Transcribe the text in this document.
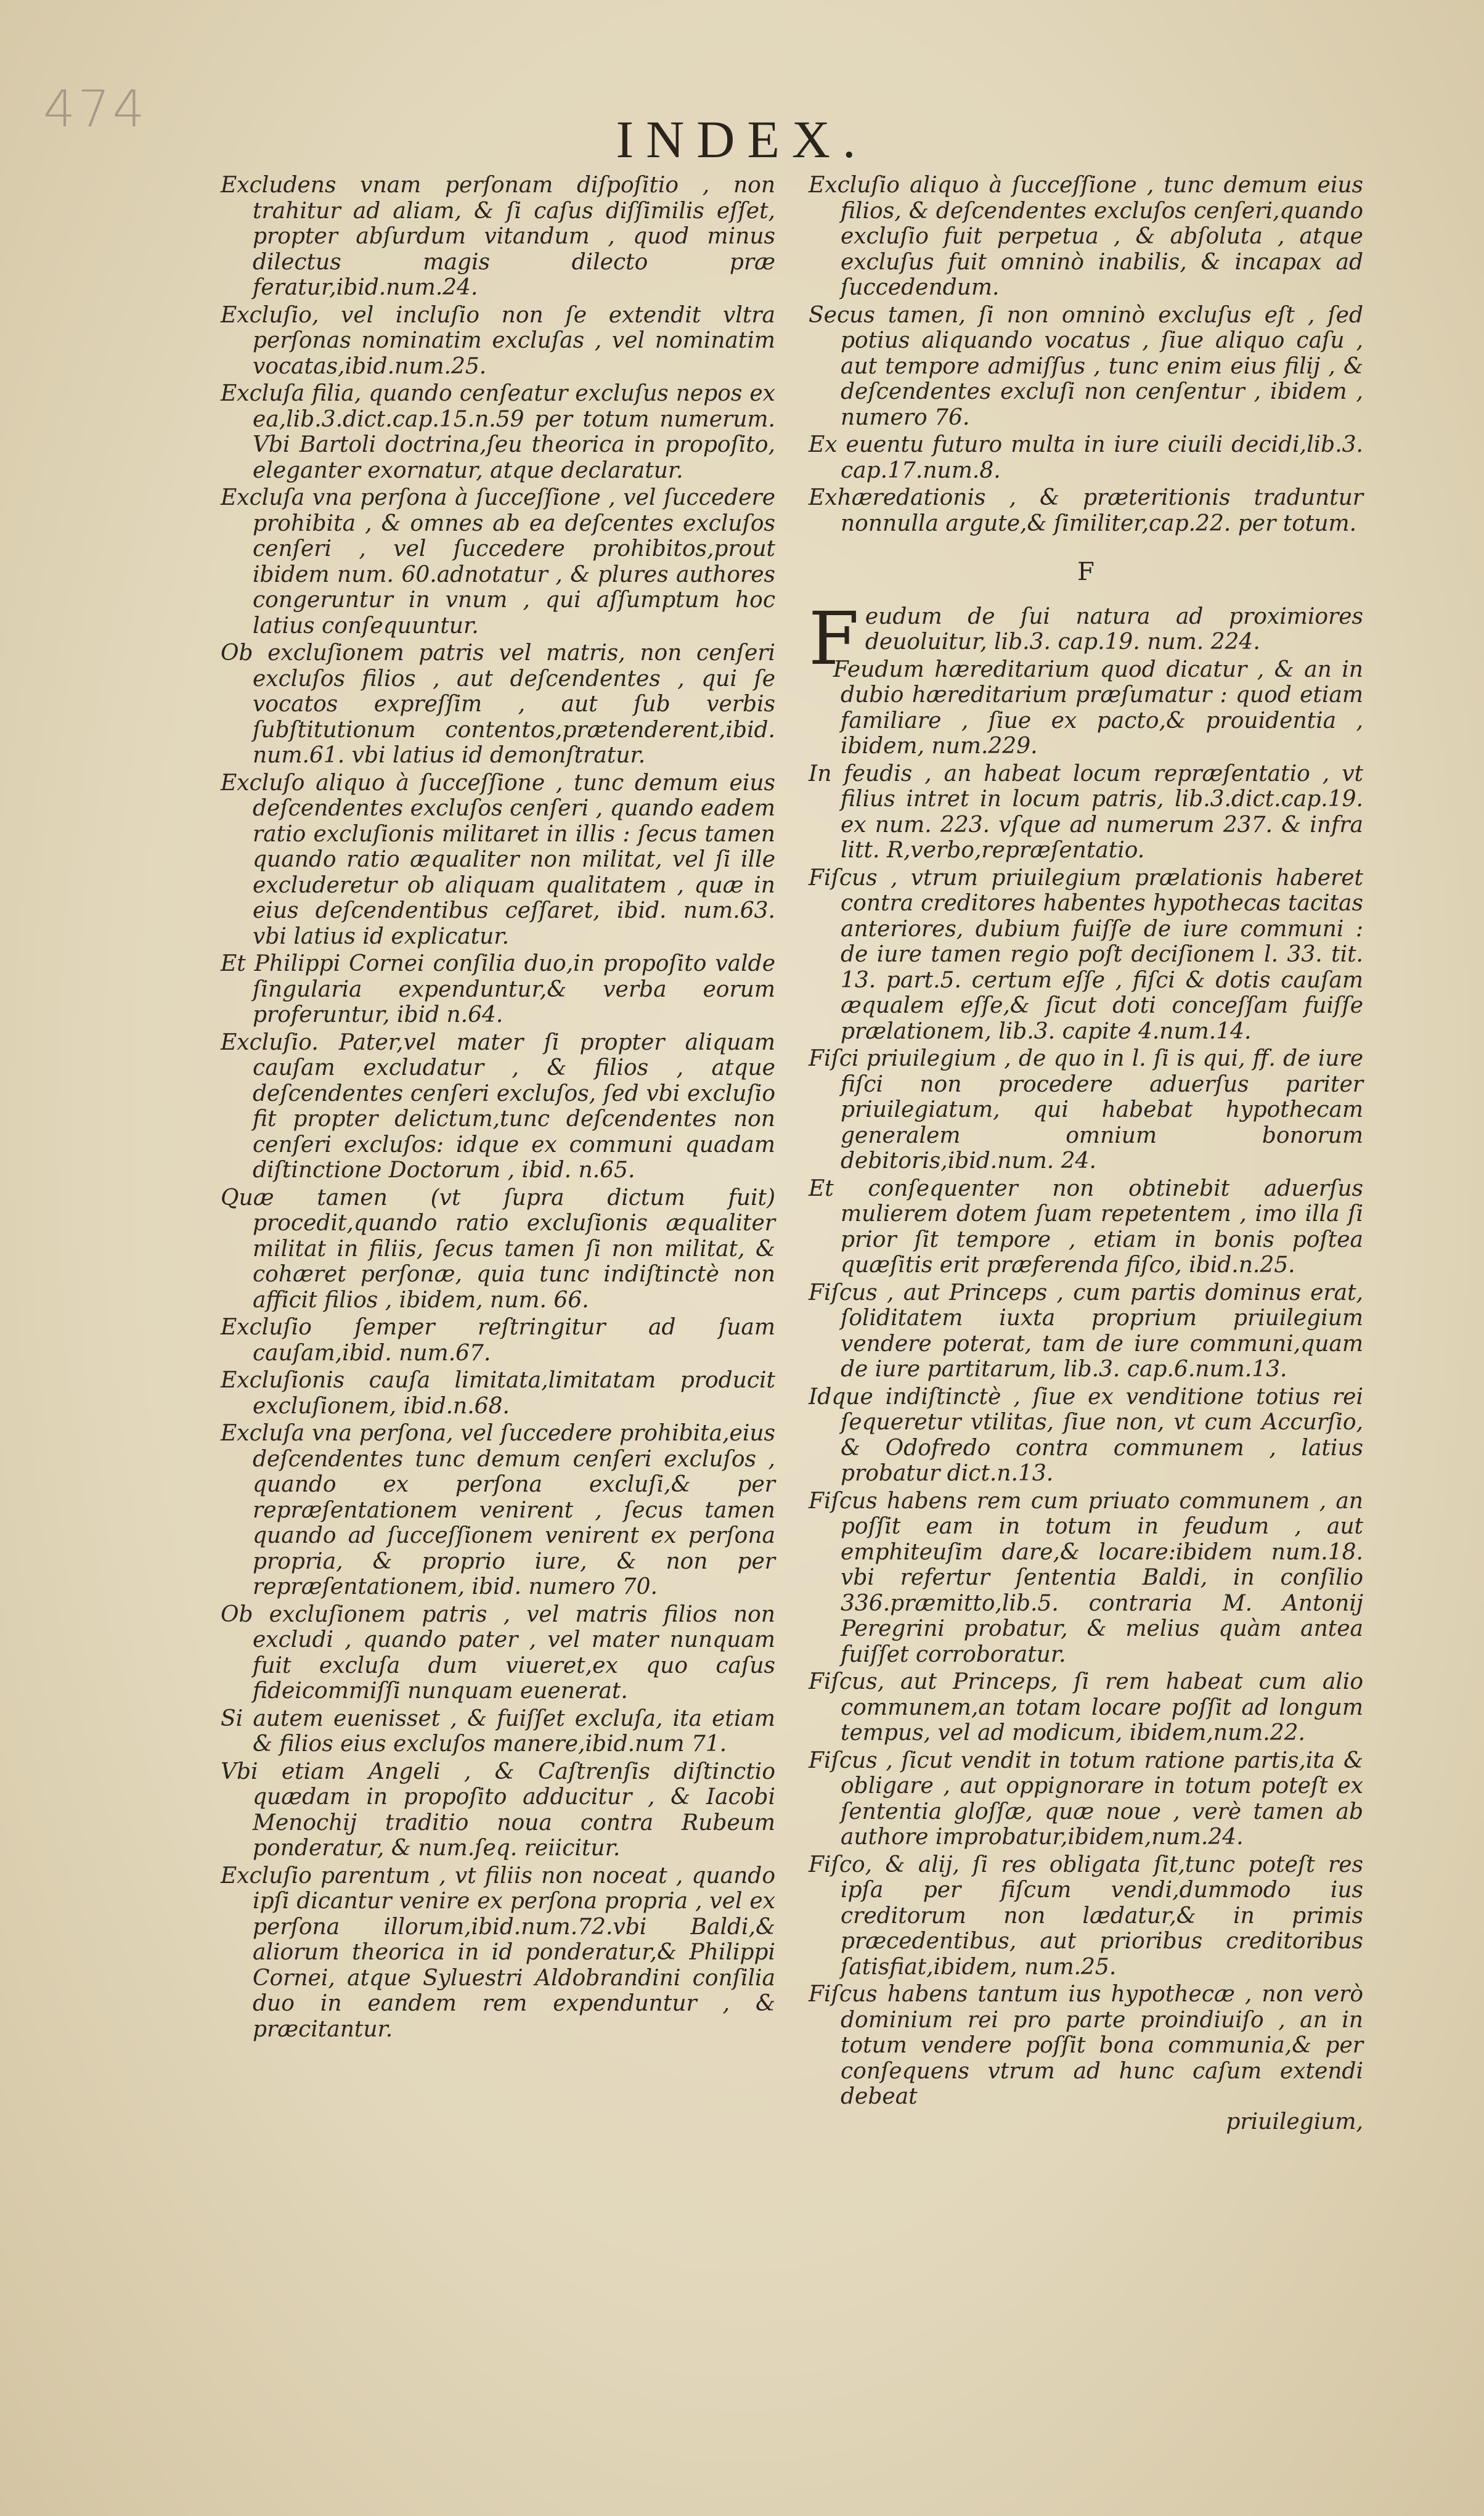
474
INDEX.
Excludens vnam perſonam diſpoſitio , non trahitur ad aliam, & ſi caſus diſſimilis eſſet, propter abſurdum vitandum , quod minus dilectus magis dilecto præ feratur,ibid.num.24.
Excluſio, vel incluſio non ſe extendit vltra perſonas nominatim excluſas , vel nominatim vocatas,ibid.num.25.
Excluſa filia, quando cenſeatur excluſus nepos ex ea,lib.3.dict.cap.15.n.59 per totum numerum. Vbi Bartoli doctrina,ſeu theorica in propoſito, eleganter exornatur, atque declaratur.
Excluſa vna perſona à ſucceſſione , vel ſuccedere prohibita , & omnes ab ea deſcentes excluſos cenſeri , vel ſuccedere prohibitos,prout ibidem num. 60.adnotatur , & plures authores congeruntur in vnum , qui aſſumptum hoc latius conſequuntur.
Ob excluſionem patris vel matris, non cenſeri excluſos filios , aut deſcendentes , qui ſe vocatos expreſſim , aut ſub verbis ſubſtitutionum contentos,prætenderent,ibid. num.61. vbi latius id demonſtratur.
Excluſo aliquo à ſucceſſione , tunc demum eius deſcendentes excluſos cenſeri , quando eadem ratio excluſionis militaret in illis : ſecus tamen quando ratio æqualiter non militat, vel ſi ille excluderetur ob aliquam qualitatem , quæ in eius deſcendentibus ceſſaret, ibid. num.63. vbi latius id explicatur.
Et Philippi Cornei conſilia duo,in propoſito valde ſingularia expenduntur,& verba eorum proferuntur, ibid n.64.
Excluſio. Pater,vel mater ſi propter aliquam cauſam excludatur , & filios , atque deſcendentes cenſeri excluſos, ſed vbi excluſio fit propter delictum,tunc deſcendentes non cenſeri excluſos: idque ex communi quadam diſtinctione Doctorum , ibid. n.65.
Quæ tamen (vt ſupra dictum fuit) procedit,quando ratio excluſionis æqualiter militat in filiis, ſecus tamen ſi non militat, & cohæret perſonæ, quia tunc indiſtinctè non afficit filios , ibidem, num. 66.
Excluſio ſemper reſtringitur ad ſuam cauſam,ibid. num.67.
Excluſionis cauſa limitata,limitatam producit excluſionem, ibid.n.68.
Excluſa vna perſona, vel ſuccedere prohibita,eius deſcendentes tunc demum cenſeri excluſos , quando ex perſona excluſi,& per repræſentationem venirent , ſecus tamen quando ad ſucceſſionem venirent ex perſona propria, & proprio iure, & non per repræſentationem, ibid. numero 70.
Ob excluſionem patris , vel matris filios non excludi , quando pater , vel mater nunquam fuit excluſa dum viueret,ex quo caſus fideicommiſſi nunquam euenerat.
Si autem euenisset , & fuiſſet excluſa, ita etiam & filios eius excluſos manere,ibid.num 71.
Vbi etiam Angeli , & Caſtrenſis diſtinctio quædam in propoſito adducitur , & Iacobi Menochij traditio noua contra Rubeum ponderatur, & num.ſeq. reiicitur.
Excluſio parentum , vt filiis non noceat , quando ipſi dicantur venire ex perſona propria , vel ex perſona illorum,ibid.num.72.vbi Baldi,& aliorum theorica in id ponderatur,& Philippi Cornei, atque Syluestri Aldobrandini conſilia duo in eandem rem expenduntur , & præcitantur.
Excluſio aliquo à ſucceſſione , tunc demum eius filios, & deſcendentes excluſos cenſeri,quando excluſio fuit perpetua , & abſoluta , atque excluſus fuit omninò inabilis, & incapax ad ſuccedendum.
Secus tamen, ſi non omninò excluſus eſt , ſed potius aliquando vocatus , ſiue aliquo caſu , aut tempore admiſſus , tunc enim eius filij , & deſcendentes excluſi non cenſentur , ibidem , numero 76.
Ex euentu futuro multa in iure ciuili decidi,lib.3. cap.17.num.8.
Exhæredationis , & præteritionis traduntur nonnulla argute,& ſimiliter,cap.22. per totum.
F
Feudum de ſui natura ad proximiores deuoluitur, lib.3. cap.19. num. 224.
Feudum hæreditarium quod dicatur , & an in dubio hæreditarium præſumatur : quod etiam familiare , ſiue ex pacto,& prouidentia , ibidem, num.229.
In feudis , an habeat locum repræſentatio , vt filius intret in locum patris, lib.3.dict.cap.19. ex num. 223. vſque ad numerum 237. & infra litt. R,verbo,repræſentatio.
Fiſcus , vtrum priuilegium prælationis haberet contra creditores habentes hypothecas tacitas anteriores, dubium fuiſſe de iure communi : de iure tamen regio poſt deciſionem l. 33. tit. 13. part.5. certum eſſe , fiſci & dotis cauſam æqualem eſſe,& ſicut doti conceſſam fuiſſe prælationem, lib.3. capite 4.num.14.
Fiſci priuilegium , de quo in l. ſi is qui, ff. de iure fiſci non procedere aduerſus pariter priuilegiatum, qui habebat hypothecam generalem omnium bonorum debitoris,ibid.num. 24.
Et conſequenter non obtinebit aduerſus mulierem dotem ſuam repetentem , imo illa ſi prior ſit tempore , etiam in bonis poſtea quæſitis erit præferenda fiſco, ibid.n.25.
Fiſcus , aut Princeps , cum partis dominus erat, ſoliditatem iuxta proprium priuilegium vendere poterat, tam de iure communi,quam de iure partitarum, lib.3. cap.6.num.13.
Idque indiſtinctè , ſiue ex venditione totius rei ſequeretur vtilitas, ſiue non, vt cum Accurſio, & Odofredo contra communem , latius probatur dict.n.13.
Fiſcus habens rem cum priuato communem , an poſſit eam in totum in feudum , aut emphiteuſim dare,& locare:ibidem num.18. vbi refertur ſententia Baldi, in conſilio 336.præmitto,lib.5. contraria M. Antonij Peregrini probatur, & melius quàm antea fuiſſet corroboratur.
Fiſcus, aut Princeps, ſi rem habeat cum alio communem,an totam locare poſſit ad longum tempus, vel ad modicum, ibidem,num.22.
Fiſcus , ſicut vendit in totum ratione partis,ita & obligare , aut oppignorare in totum poteſt ex ſententia gloſſæ, quæ noue , verè tamen ab authore improbatur,ibidem,num.24.
Fiſco, & alij, ſi res obligata ſit,tunc poteſt res ipſa per fiſcum vendi,dummodo ius creditorum non lædatur,& in primis præcedentibus, aut prioribus creditoribus ſatisfiat,ibidem, num.25.
Fiſcus habens tantum ius hypothecæ , non verò dominium rei pro parte proindiuiſo , an in totum vendere poſſit bona communia,& per conſequens vtrum ad hunc caſum extendi debeat
priuilegium,
